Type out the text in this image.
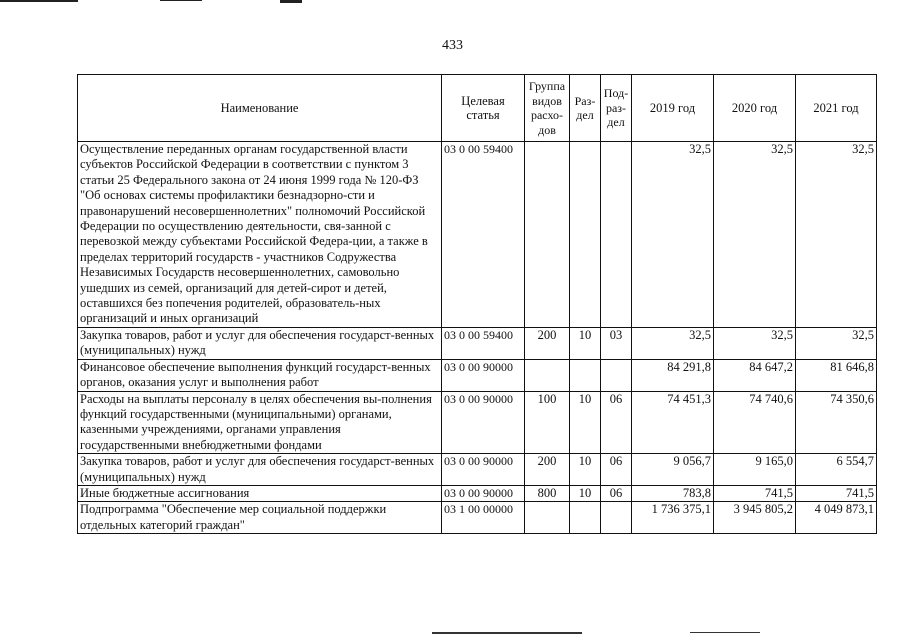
433
Наименование	Целевая статья	Группа видов расхо-дов	Раз-дел	Под-раз-дел	2019 год	2020 год	2021 год
Осуществление переданных органам государственной власти субъектов Российской Федерации в соответствии с пунктом 3 статьи 25 Федерального закона от 24 июня 1999 года № 120-ФЗ "Об основах системы профилактики безнадзорно-сти и правонарушений несовершеннолетних" полномочий Российской Федерации по осуществлению деятельности, свя-занной с перевозкой между субъектами Российской Федера-ции, а также в пределах территорий государств - участников Содружества Независимых Государств несовершеннолетних, самовольно ушедших из семей, организаций для детей-сирот и детей, оставшихся без попечения родителей, образователь-ных организаций и иных организаций	03 0 00 59400				32,5	32,5	32,5
Закупка товаров, работ и услуг для обеспечения государст-венных (муниципальных) нужд	03 0 00 59400	200	10	03	32,5	32,5	32,5
Финансовое обеспечение выполнения функций государст-венных органов, оказания услуг и выполнения работ	03 0 00 90000				84 291,8	84 647,2	81 646,8
Расходы на выплаты персоналу в целях обеспечения вы-полнения функций государственными (муниципальными) органами, казенными учреждениями, органами управления государственными внебюджетными фондами	03 0 00 90000	100	10	06	74 451,3	74 740,6	74 350,6
Закупка товаров, работ и услуг для обеспечения государст-венных (муниципальных) нужд	03 0 00 90000	200	10	06	9 056,7	9 165,0	6 554,7
Иные бюджетные ассигнования	03 0 00 90000	800	10	06	783,8	741,5	741,5
Подпрограмма "Обеспечение мер социальной поддержки отдельных категорий граждан"	03 1 00 00000				1 736 375,1	3 945 805,2	4 049 873,1
